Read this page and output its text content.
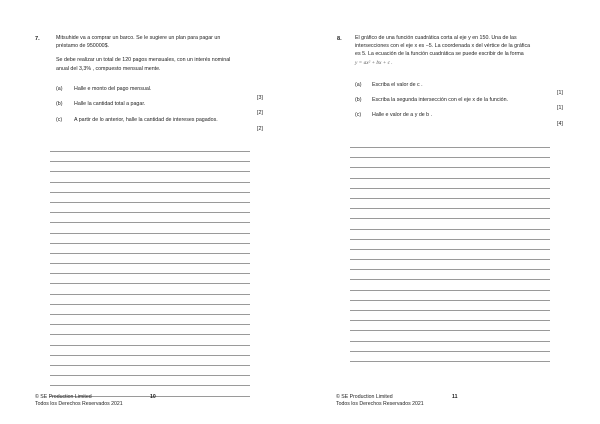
7.	Mitsuhide va a comprar un barco. Se le sugiere un plan para pagar un
préstamo de 950000$.
Se debe realizar un total de 120 pagos mensuales, con un interés nominal
anual del 3,3% , compuesto mensual mente.
(a) Halle e monto del pago mensual.
[3]
(b) Halle la cantidad total a pagar.
[2]
(c) A partir de lo anterior, halle la cantidad de intereses pagados.
[2]
© SE Production Limited
Todos los Derechos Reservados 2021
10
8.	El gráfico de una función cuadrática corta al eje y en 150. Una de las
intersecciones con el eje x es −5. La coordenada x del vértice de la gráfica
es 5. La ecuación de la función cuadrática se puede escribir de la forma
y = ax² + bx + c .
(a) Escriba el valor de c .
[1]
(b) Escriba la segunda intersección con el eje x de la función.
[1]
(c) Halle e valor de a y de b .
[4]
© SE Production Limited
Todos los Derechos Reservados 2021
11
